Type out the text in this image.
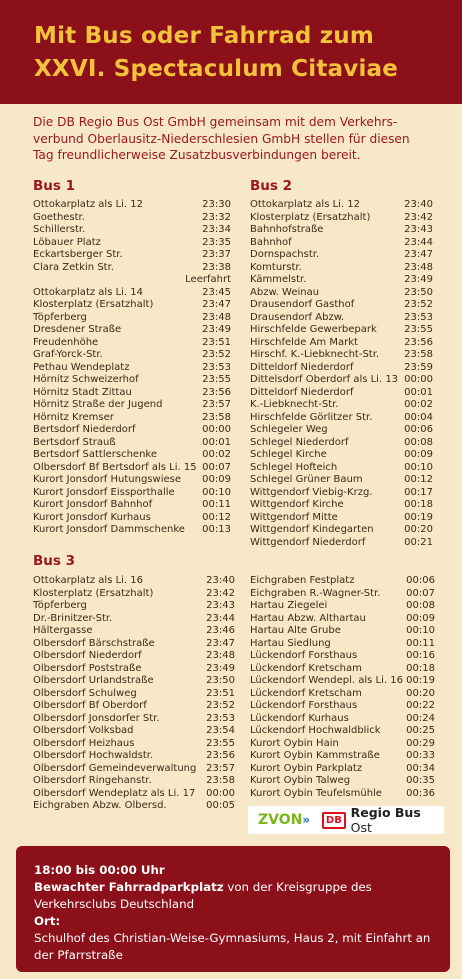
Mit Bus oder Fahrrad zum
XXVI. Spectaculum Citaviae
Die DB Regio Bus Ost GmbH gemeinsam mit dem Verkehrs-verbund Oberlausitz-Niederschlesien GmbH stellen für diesen Tag freundlicherweise Zusatzbusverbindungen bereit.
Bus 1
Ottokarplatz als Li. 12	23:30
Goethestr.	23:32
Schillerstr.	23:34
Löbauer Platz	23:35
Eckartsberger Str.	23:37
Clara Zetkin Str.	23:38
Leerfahrt
Ottokarplatz als Li. 14	23:45
Klosterplatz (Ersatzhalt)	23:47
Töpferberg	23:48
Dresdener Straße	23:49
Freudenhöhe	23:51
Graf-Yorck-Str.	23:52
Pethau Wendeplatz	23:53
Hörnitz Schweizerhof	23:55
Hörnitz Stadt Zittau	23:56
Hörnitz Straße der Jugend	23:57
Hörnitz Kremser	23:58
Bertsdorf Niederdorf	00:00
Bertsdorf Strauß	00:01
Bertsdorf Sattlerschenke	00:02
Olbersdorf Bf Bertsdorf als Li. 15 00:07
Kurort Jonsdorf Hutungswiese 00:09
Kurort Jonsdorf Eissporthalle	00:10
Kurort Jonsdorf Bahnhof	00:11
Kurort Jonsdorf Kurhaus	00:12
Kurort Jonsdorf Dammschenke 00:13
Bus 2
Ottokarplatz als Li. 12	23:40
Klosterplatz (Ersatzhalt)	23:42
Bahnhofstraße	23:43
Bahnhof	23:44
Dornspachstr.	23:47
Komturstr.	23:48
Kämmelstr.	23:49
Abzw. Weinau	23:50
Drausendorf Gasthof	23:52
Drausendorf Abzw.	23:53
Hirschfelde Gewerbepark	23:55
Hirschfelde Am Markt	23:56
Hirschf. K.-Liebknecht-Str.	23:58
Ditteldorf Niederdorf	23:59
Dittelsdorf Oberdorf als Li. 13 00:00
Ditteldorf Niederdorf	00:01
K.-Liebknecht-Str.	00:02
Hirschfelde Görlitzer Str.	00:04
Schlegeler Weg	00:06
Schlegel Niederdorf	00:08
Schlegel Kirche	00:09
Schlegel Hofteich	00:10
Schlegel Grüner Baum	00:12
Wittgendorf Viebig-Krzg.	00:17
Wittgendorf Kirche	00:18
Wittgendorf Mitte	00:19
Wittgendorf Kindegarten	00:20
Wittgendorf Niederdorf	00:21
Bus 3
Ottokarplatz als Li. 16	23:40
Klosterplatz (Ersatzhalt)	23:42
Töpferberg	23:43
Dr.-Brinitzer-Str.	23:44
Hältergasse	23:46
Olbersdorf Bärschstraße	23:47
Olbersdorf Niederdorf	23:48
Olbersdorf Poststraße	23:49
Olbersdorf Urlandstraße	23:50
Olbersdorf Schulweg	23:51
Olbersdorf Bf Oberdorf	23:52
Olbersdorf Jonsdorfer Str.	23:53
Olbersdorf Volksbad	23:54
Olbersdorf Heizhaus	23:55
Olbersdorf Hochwaldstr.	23:56
Olbersdorf Gemeindeverwaltung 23:57
Olbersdorf Ringehanstr.	23:58
Olbersdorf Wendeplatz als Li. 17 00:00
Eichgraben Abzw. Olbersd.	00:05
Eichgraben Festplatz	00:06
Eichgraben R.-Wagner-Str.	00:07
Hartau Ziegelei	00:08
Hartau Abzw. Althartau	00:09
Hartau Alte Grube	00:10
Hartau Siedlung	00:11
Lückendorf Forsthaus	00:16
Lückendorf Kretscham	00:18
Lückendorf Wendepl. als Li. 16 00:19
Lückendorf Kretscham	00:20
Lückendorf Forsthaus	00:22
Lückendorf Kurhaus	00:24
Lückendorf Hochwaldblick	00:25
Kurort Oybin Hain	00:29
Kurort Oybin Kammstraße	00:33
Kurort Oybin Parkplatz	00:34
Kurort Oybin Talweg	00:35
Kurort Oybin Teufelsmühle 00:36
ZVON»	DB Regio Bus Ost
18:00 bis 00:00 Uhr
Bewachter Fahrradparkplatz von der Kreisgruppe des Verkehrsclubs Deutschland
Ort:
Schulhof des Christian-Weise-Gymnasiums, Haus 2, mit Einfahrt an der Pfarrstraße
